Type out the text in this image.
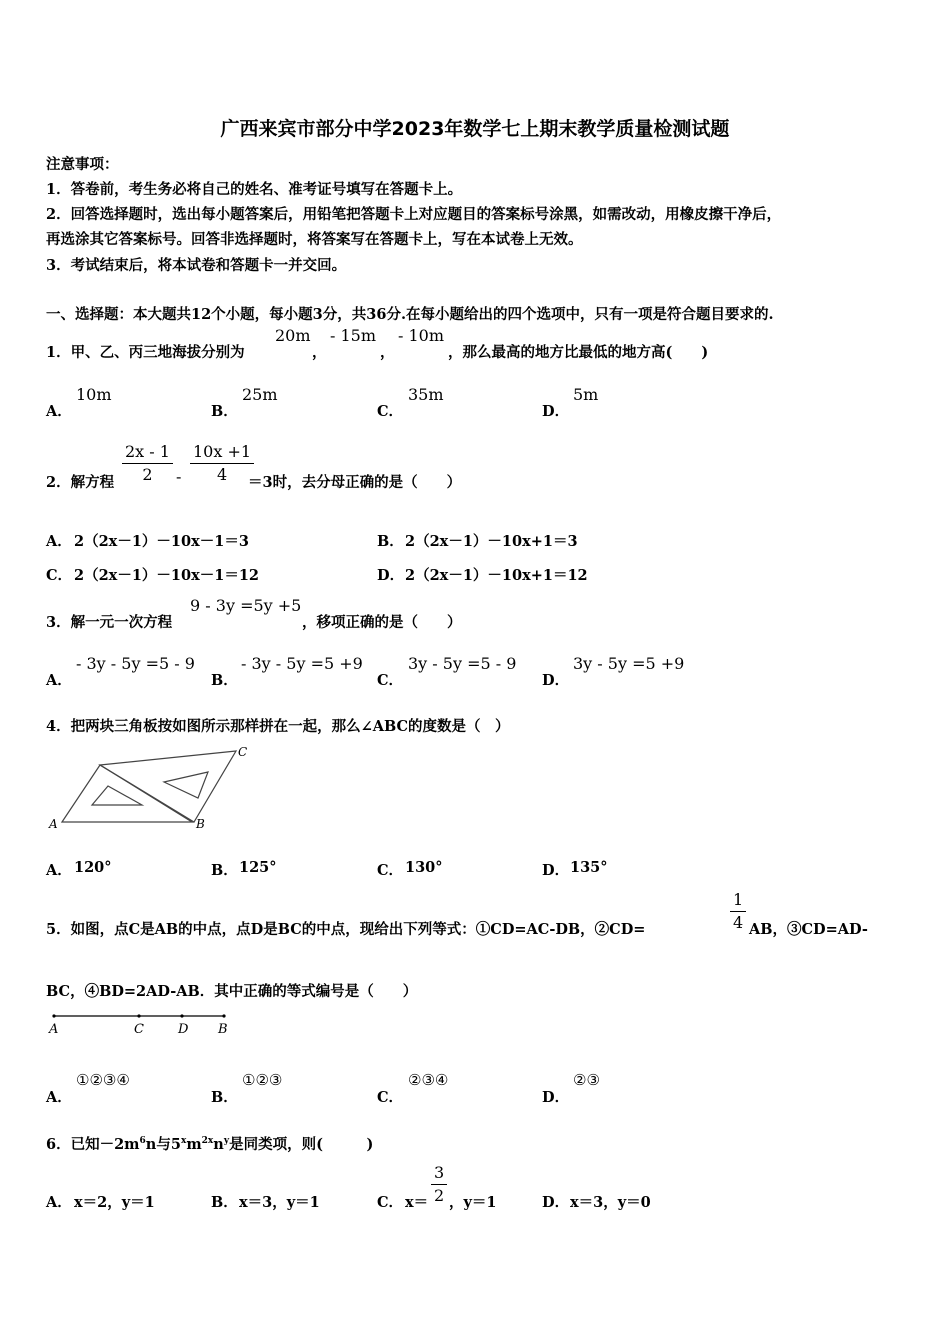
广西来宾市部分中学2023年数学七上期末教学质量检测试题
注意事项：
1．答卷前，考生务必将自己的姓名、准考证号填写在答题卡上。
2．回答选择题时，选出每小题答案后，用铅笔把答题卡上对应题目的答案标号涂黑，如需改动，用橡皮擦干净后，
再选涂其它答案标号。回答非选择题时，将答案写在答题卡上，写在本试卷上无效。
3．考试结束后，将本试卷和答题卡一并交回。
一、选择题：本大题共12个小题，每小题3分，共36分.在每小题给出的四个选项中，只有一项是符合题目要求的.
1．甲、乙、丙三地海拔分别为
20m
，
- 15m
，
- 10m
，那么最高的地方比最低的地方高(　　)
A．
10m
B．
25m
C．
35m
D．
5m
2．解方程 $\frac{2x - 1}{2} - \frac{10x +1}{4}$
＝3时，去分母正确的是（　　）
A． 2（2x－1）－10x－1＝3	B． 2（2x－1）－10x+1＝3
C． 2（2x－1）－10x－1＝12	D． 2（2x－1）－10x+1＝12
3．解一元一次方程
9 - 3y =5y +5
，移项正确的是（　　）
A．
- 3y - 5y =5 - 9
B．
- 3y - 5y =5 +9
C．
3y - 5y =5 - 9
D．
3y - 5y =5 +9
4．把两块三角板按如图所示那样拼在一起，那么∠ABC的度数是（　）
A	B
C
A． 120°	B． 125°	C． 130°	D． 135°
5．如图，点C是AB的中点，点D是BC的中点，现给出下列等式：①CD=AC-DB，②CD=	$\frac{1}{4}$ AB，③CD=AD-
BC，④BD=2AD-AB．其中正确的等式编号是（　　）
A	C	D B
A．
①②③④
B．
①②③
C．
②③④
D．
②③
6．已知$-2m^6n$与$5^xm^{2x}n^y$是同类项，则(　　　)
A． x＝2，y＝1	B． x＝3，y＝1	C． $x= \frac{3}{2}$ ，y＝1	D． x＝3，y＝0
